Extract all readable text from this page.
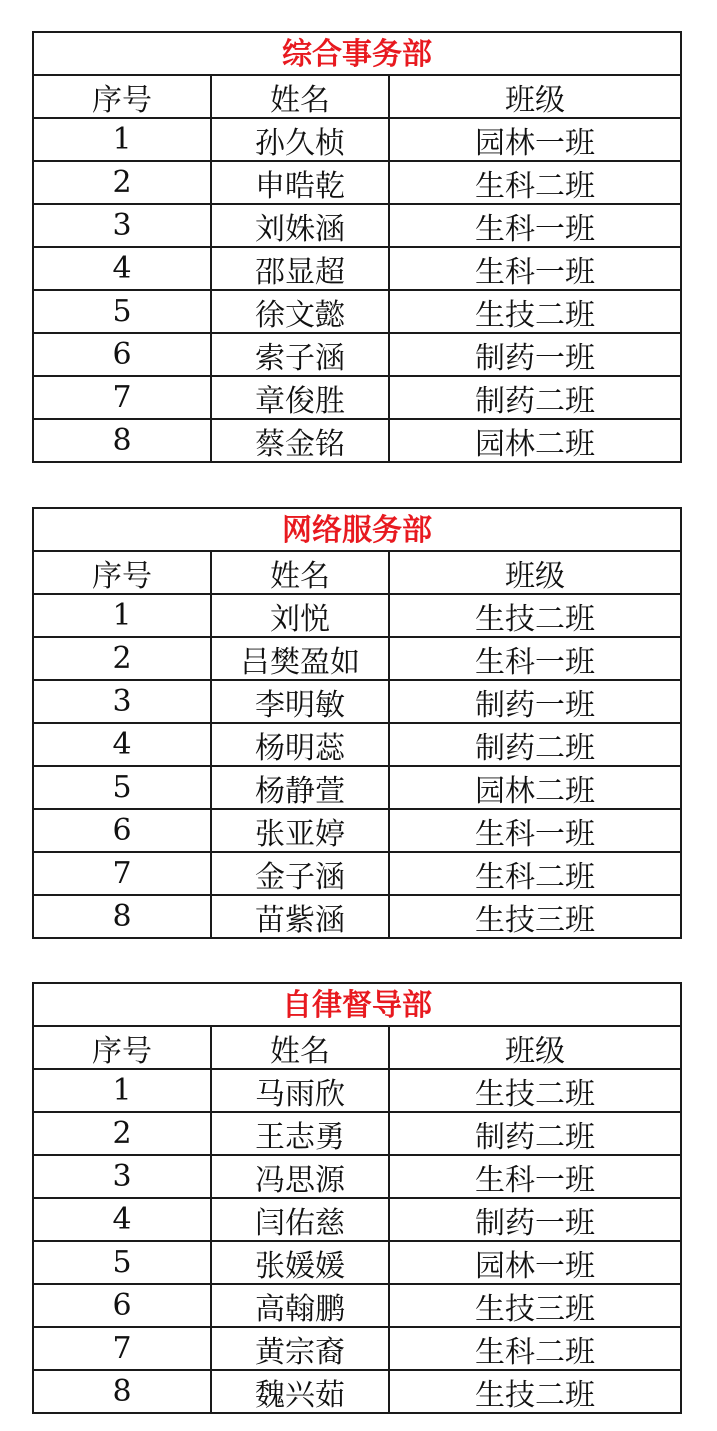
综合事务部
序号	姓名	班级
1	孙久桢	园林一班
2	申晧乾	生科二班
3	刘姝涵	生科一班
4	邵显超	生科一班
5	徐文懿	生技二班
6	索子涵	制药一班
7	章俊胜	制药二班
8	蔡金铭	园林二班
网络服务部
序号	姓名	班级
1	刘悦	生技二班
2	吕樊盈如	生科一班
3	李明敏	制药一班
4	杨明蕊	制药二班
5	杨静萱	园林二班
6	张亚婷	生科一班
7	金子涵	生科二班
8	苗紫涵	生技三班
自律督导部
序号	姓名	班级
1	马雨欣	生技二班
2	王志勇	制药二班
3	冯思源	生科一班
4	闫佑慈	制药一班
5	张媛媛	园林一班
6	高翰鹏	生技三班
7	黄宗裔	生科二班
8	魏兴茹	生技二班
